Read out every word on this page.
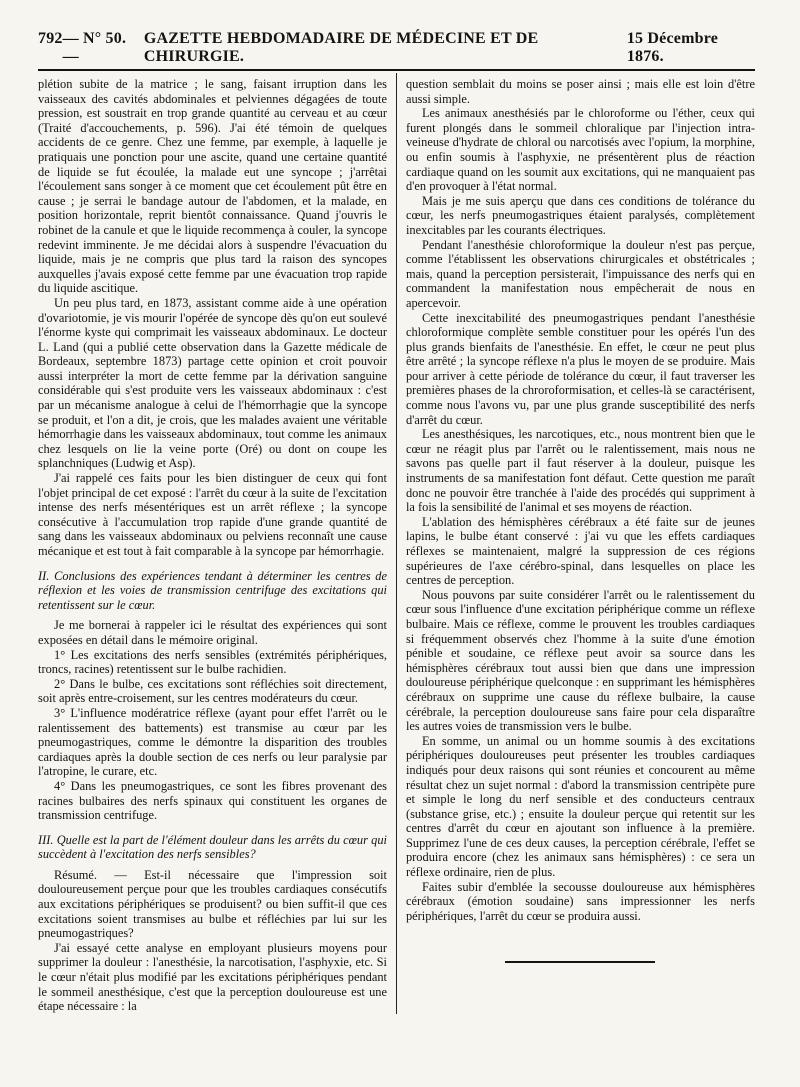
792 — N° 50. —
GAZETTE HEBDOMADAIRE DE MÉDECINE ET DE CHIRURGIE.
15 Décembre 1876.

plétion subite de la matrice ; le sang, faisant irruption dans les vaisseaux des cavités abdominales et pelviennes dégagées de toute pression, est soustrait en trop grande quantité au cerveau et au cœur (Traité d'accouchements, p. 596). J'ai été témoin de quelques accidents de ce genre. Chez une femme, par exemple, à laquelle je pratiquais une ponction pour une ascite, quand une certaine quantité de liquide se fut écoulée, la malade eut une syncope ; j'arrêtai l'écoulement sans songer à ce moment que cet écoulement pût être en cause ; je serrai le bandage autour de l'abdomen, et la malade, en position horizontale, reprit bientôt connaissance. Quand j'ouvris le robinet de la canule et que le liquide recommença à couler, la syncope redevint imminente. Je me décidai alors à suspendre l'évacuation du liquide, mais je ne compris que plus tard la raison des syncopes auxquelles j'avais exposé cette femme par une évacuation trop rapide du liquide ascitique.

Un peu plus tard, en 1873, assistant comme aide à une opération d'ovariotomie, je vis mourir l'opérée de syncope dès qu'on eut soulevé l'énorme kyste qui comprimait les vaisseaux abdominaux. Le docteur L. Land (qui a publié cette observation dans la Gazette médicale de Bordeaux, septembre 1873) partage cette opinion et croit pouvoir aussi interpréter la mort de cette femme par la dérivation sanguine considérable qui s'est produite vers les vaisseaux abdominaux : c'est par un mécanisme analogue à celui de l'hémorrhagie que la syncope se produit, et l'on a dit, je crois, que les malades avaient une véritable hémorrhagie dans les vaisseaux abdominaux, tout comme les animaux chez lesquels on lie la veine porte (Oré) ou dont on coupe les splanchniques (Ludwig et Asp).

J'ai rappelé ces faits pour les bien distinguer de ceux qui font l'objet principal de cet exposé : l'arrêt du cœur à la suite de l'excitation intense des nerfs mésentériques est un arrêt réflexe ; la syncope consécutive à l'accumulation trop rapide d'une grande quantité de sang dans les vaisseaux abdominaux ou pelviens reconnaît une cause mécanique et est tout à fait comparable à la syncope par hémorrhagie.

II. Conclusions des expériences tendant à déterminer les centres de réflexion et les voies de transmission centrifuge des excitations qui retentissent sur le cœur.

Je me bornerai à rappeler ici le résultat des expériences qui sont exposées en détail dans le mémoire original.

1° Les excitations des nerfs sensibles (extrémités périphériques, troncs, racines) retentissent sur le bulbe rachidien.

2° Dans le bulbe, ces excitations sont réfléchies soit directement, soit après entre-croisement, sur les centres modérateurs du cœur.

3° L'influence modératrice réflexe (ayant pour effet l'arrêt ou le ralentissement des battements) est transmise au cœur par les pneumogastriques, comme le démontre la disparition des troubles cardiaques après la double section de ces nerfs ou leur paralysie par l'atropine, le curare, etc.

4° Dans les pneumogastriques, ce sont les fibres provenant des racines bulbaires des nerfs spinaux qui constituent les organes de transmission centrifuge.

III. Quelle est la part de l'élément douleur dans les arrêts du cœur qui succèdent à l'excitation des nerfs sensibles?

Résumé. — Est-il nécessaire que l'impression soit douloureusement perçue pour que les troubles cardiaques consécutifs aux excitations périphériques se produisent? ou bien suffit-il que ces excitations soient transmises au bulbe et réfléchies par lui sur les pneumogastriques?

J'ai essayé cette analyse en employant plusieurs moyens pour supprimer la douleur : l'anesthésie, la narcotisation, l'asphyxie, etc. Si le cœur n'était plus modifié par les excitations périphériques pendant le sommeil anesthésique, c'est que la perception douloureuse est une étape nécessaire : la

question semblait du moins se poser ainsi ; mais elle est loin d'être aussi simple.

Les animaux anesthésiés par le chloroforme ou l'éther, ceux qui furent plongés dans le sommeil chloralique par l'injection intra-veineuse d'hydrate de chloral ou narcotisés avec l'opium, la morphine, ou enfin soumis à l'asphyxie, ne présentèrent plus de réaction cardiaque quand on les soumit aux excitations, qui ne manquaient pas d'en provoquer à l'état normal.

Mais je me suis aperçu que dans ces conditions de tolérance du cœur, les nerfs pneumogastriques étaient paralysés, complètement inexcitables par les courants électriques.

Pendant l'anesthésie chloroformique la douleur n'est pas perçue, comme l'établissent les observations chirurgicales et obstétricales ; mais, quand la perception persisterait, l'impuissance des nerfs qui en commandent la manifestation nous empêcherait de nous en apercevoir.

Cette inexcitabilité des pneumogastriques pendant l'anesthésie chloroformique complète semble constituer pour les opérés l'un des plus grands bienfaits de l'anesthésie. En effet, le cœur ne peut plus être arrêté ; la syncope réflexe n'a plus le moyen de se produire. Mais pour arriver à cette période de tolérance du cœur, il faut traverser les premières phases de la chroroformisation, et celles-là se caractérisent, comme nous l'avons vu, par une plus grande susceptibilité des nerfs d'arrêt du cœur.

Les anesthésiques, les narcotiques, etc., nous montrent bien que le cœur ne réagit plus par l'arrêt ou le ralentissement, mais nous ne savons pas quelle part il faut réserver à la douleur, puisque les instruments de sa manifestation font défaut. Cette question me paraît donc ne pouvoir être tranchée à l'aide des procédés qui suppriment à la fois la sensibilité de l'animal et ses moyens de réaction.

L'ablation des hémisphères cérébraux a été faite sur de jeunes lapins, le bulbe étant conservé : j'ai vu que les effets cardiaques réflexes se maintenaient, malgré la suppression de ces régions supérieures de l'axe cérébro-spinal, dans lesquelles on place les centres de perception.

Nous pouvons par suite considérer l'arrêt ou le ralentissement du cœur sous l'influence d'une excitation périphérique comme un réflexe bulbaire. Mais ce réflexe, comme le prouvent les troubles cardiaques si fréquemment observés chez l'homme à la suite d'une émotion pénible et soudaine, ce réflexe peut avoir sa source dans les hémisphères cérébraux tout aussi bien que dans une impression douloureuse périphérique quelconque : en supprimant les hémisphères cérébraux on supprime une cause du réflexe bulbaire, la cause cérébrale, la perception douloureuse sans faire pour cela disparaître les autres voies de transmission vers le bulbe.

En somme, un animal ou un homme soumis à des excitations périphériques douloureuses peut présenter les troubles cardiaques indiqués pour deux raisons qui sont réunies et concourent au même résultat chez un sujet normal : d'abord la transmission centripète pure et simple le long du nerf sensible et des conducteurs centraux (substance grise, etc.) ; ensuite la douleur perçue qui retentit sur les centres d'arrêt du cœur en ajoutant son influence à la première. Supprimez l'une de ces deux causes, la perception cérébrale, l'effet se produira encore (chez les animaux sans hémisphères) : ce sera un réflexe ordinaire, rien de plus.

Faites subir d'emblée la secousse douloureuse aux hémisphères cérébraux (émotion soudaine) sans impressionner les nerfs périphériques, l'arrêt du cœur se produira aussi.
